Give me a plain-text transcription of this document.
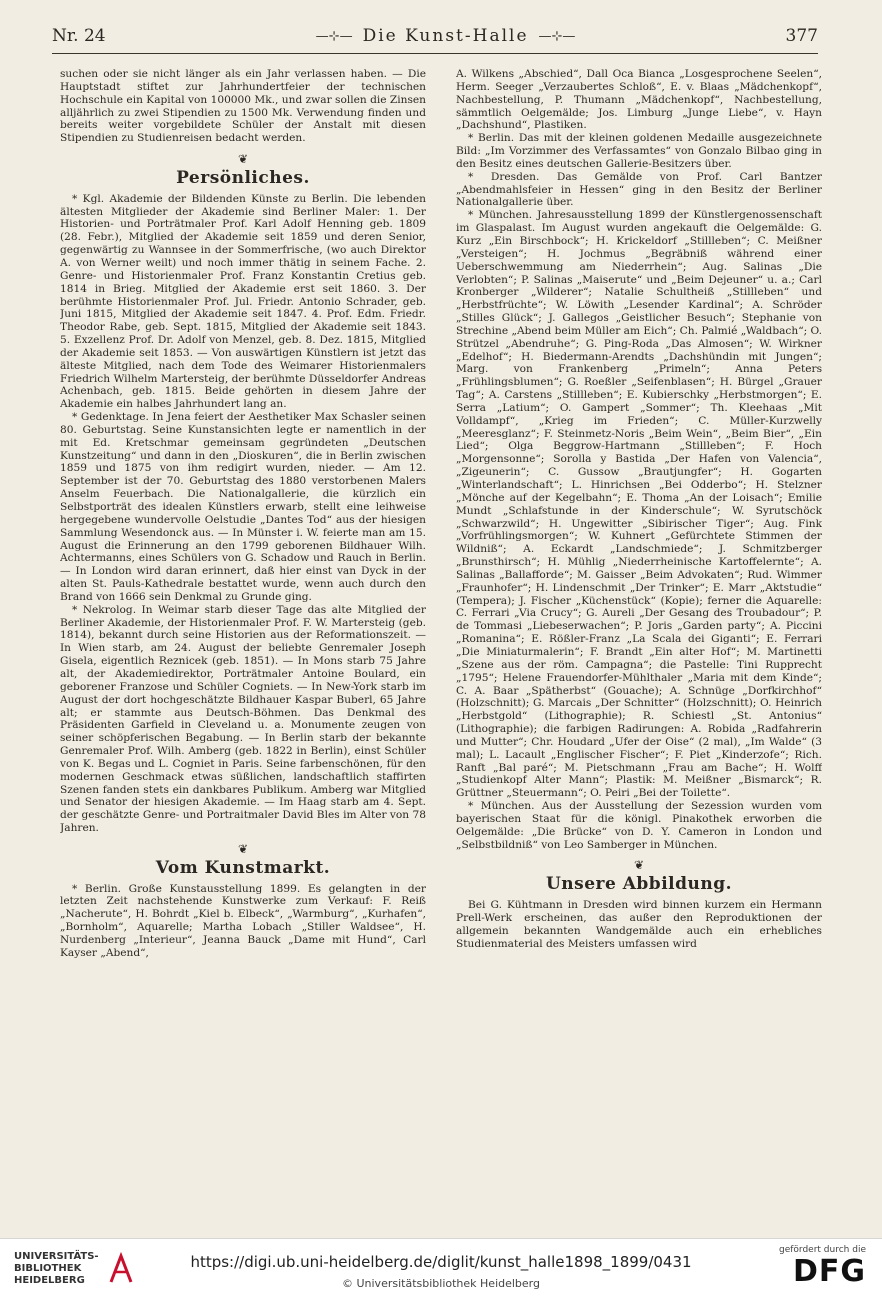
Nr. 24	—⊹— Die Kunst-Halle —⊹—	377

suchen oder sie nicht länger als ein Jahr verlassen haben. — Die Hauptstadt stiftet zur Jahrhundertfeier der technischen Hochschule ein Kapital von 100000 Mk., und zwar sollen die Zinsen alljährlich zu zwei Stipendien zu 1500 Mk. Verwendung finden und bereits weiter vorgebildete Schüler der Anstalt mit diesen Stipendien zu Studienreisen bedacht werden.

❦
Persönliches.

* Kgl. Akademie der Bildenden Künste zu Berlin. Die lebenden ältesten Mitglieder der Akademie sind Berliner Maler: 1. Der Historien- und Porträtmaler Prof. Karl Adolf Henning geb. 1809 (28. Febr.), Mitglied der Akademie seit 1859 und deren Senior, gegenwärtig zu Wannsee in der Sommerfrische, (wo auch Direktor A. von Werner weilt) und noch immer thätig in seinem Fache. 2. Genre- und Historienmaler Prof. Franz Konstantin Cretius geb. 1814 in Brieg. Mitglied der Akademie erst seit 1860. 3. Der berühmte Historienmaler Prof. Jul. Friedr. Antonio Schrader, geb. Juni 1815, Mitglied der Akademie seit 1847. 4. Prof. Edm. Friedr. Theodor Rabe, geb. Sept. 1815, Mitglied der Akademie seit 1843. 5. Exzellenz Prof. Dr. Adolf von Menzel, geb. 8. Dez. 1815, Mitglied der Akademie seit 1853. — Von auswärtigen Künstlern ist jetzt das älteste Mitglied, nach dem Tode des Weimarer Historienmalers Friedrich Wilhelm Martersteig, der berühmte Düsseldorfer Andreas Achenbach, geb. 1815. Beide gehörten in diesem Jahre der Akademie ein halbes Jahrhundert lang an.

* Gedenktage. In Jena feiert der Aesthetiker Max Schasler seinen 80. Geburtstag. Seine Kunstansichten legte er namentlich in der mit Ed. Kretschmar gemeinsam gegründeten „Deutschen Kunstzeitung“ und dann in den „Dioskuren“, die in Berlin zwischen 1859 und 1875 von ihm redigirt wurden, nieder. — Am 12. September ist der 70. Geburtstag des 1880 verstorbenen Malers Anselm Feuerbach. Die Nationalgallerie, die kürzlich ein Selbstporträt des idealen Künstlers erwarb, stellt eine leihweise hergegebene wundervolle Oelstudie „Dantes Tod“ aus der hiesigen Sammlung Wesendonck aus. — In Münster i. W. feierte man am 15. August die Erinnerung an den 1799 geborenen Bildhauer Wilh. Achtermanns, eines Schülers von G. Schadow und Rauch in Berlin. — In London wird daran erinnert, daß hier einst van Dyck in der alten St. Pauls-Kathedrale bestattet wurde, wenn auch durch den Brand von 1666 sein Denkmal zu Grunde ging.

* Nekrolog. In Weimar starb dieser Tage das alte Mitglied der Berliner Akademie, der Historienmaler Prof. F. W. Martersteig (geb. 1814), bekannt durch seine Historien aus der Reformationszeit. — In Wien starb, am 24. August der beliebte Genremaler Joseph Gisela, eigentlich Reznicek (geb. 1851). — In Mons starb 75 Jahre alt, der Akademiedirektor, Porträtmaler Antoine Boulard, ein geborener Franzose und Schüler Cogniets. — In New-York starb im August der dort hochgeschätzte Bildhauer Kaspar Buberl, 65 Jahre alt; er stammte aus Deutsch-Böhmen. Das Denkmal des Präsidenten Garfield in Cleveland u. a. Monumente zeugen von seiner schöpferischen Begabung. — In Berlin starb der bekannte Genremaler Prof. Wilh. Amberg (geb. 1822 in Berlin), einst Schüler von K. Begas und L. Cogniet in Paris. Seine farbenschönen, für den modernen Geschmack etwas süßlichen, landschaftlich staffirten Szenen fanden stets ein dankbares Publikum. Amberg war Mitglied und Senator der hiesigen Akademie. — Im Haag starb am 4. Sept. der geschätzte Genre- und Portraitmaler David Bles im Alter von 78 Jahren.

❦
Vom Kunstmarkt.

* Berlin. Große Kunstausstellung 1899. Es gelangten in der letzten Zeit nachstehende Kunstwerke zum Verkauf: F. Reiß „Nacherute“, H. Bohrdt „Kiel b. Elbeck“, „Warmburg“, „Kurhafen“, „Bornholm“, Aquarelle; Martha Lobach „Stiller Waldsee“, H. Nurdenberg „Interieur“, Jeanna Bauck „Dame mit Hund“, Carl Kayser „Abend“,

A. Wilkens „Abschied“, Dall Oca Bianca „Losgesprochene Seelen“, Herm. Seeger „Verzaubertes Schloß“, E. v. Blaas „Mädchenkopf“, Nachbestellung, P. Thumann „Mädchenkopf“, Nachbestellung, sämmtlich Oelgemälde; Jos. Limburg „Junge Liebe“, v. Hayn „Dachshund“, Plastiken.

* Berlin. Das mit der kleinen goldenen Medaille ausgezeichnete Bild: „Im Vorzimmer des Verfassamtes“ von Gonzalo Bilbao ging in den Besitz eines deutschen Gallerie-Besitzers über.

* Dresden. Das Gemälde von Prof. Carl Bantzer „Abendmahlsfeier in Hessen“ ging in den Besitz der Berliner Nationalgallerie über.

* München. Jahresausstellung 1899 der Künstlergenossenschaft im Glaspalast. Im August wurden angekauft die Oelgemälde: G. Kurz „Ein Birschbock“; H. Krickeldorf „Stillleben“; C. Meißner „Versteigen“; H. Jochmus „Begräbniß während einer Ueberschwemmung am Niederrhein“; Aug. Salinas „Die Verlobten“; P. Salinas „Maiserute“ und „Beim Dejeuner“ u. a.; Carl Kronberger „Wilderer“; Natalie Schultheiß „Stillleben“ und „Herbstfrüchte“; W. Löwith „Lesender Kardinal“; A. Schröder „Stilles Glück“; J. Gallegos „Geistlicher Besuch“; Stephanie von Strechine „Abend beim Müller am Eich“; Ch. Palmié „Waldbach“; O. Strützel „Abendruhe“; G. Ping-Roda „Das Almosen“; W. Wirkner „Edelhof“; H. Biedermann-Arendts „Dachshündin mit Jungen“; Marg. von Frankenberg „Primeln“; Anna Peters „Frühlingsblumen“; G. Roeßler „Seifenblasen“; H. Bürgel „Grauer Tag“; A. Carstens „Stillleben“; E. Kubierschky „Herbstmorgen“; E. Serra „Latium“; O. Gampert „Sommer“; Th. Kleehaas „Mit Volldampf“, „Krieg im Frieden“; C. Müller-Kurzwelly „Meeresglanz“; F. Steinmetz-Noris „Beim Wein“, „Beim Bier“, „Ein Lied“; Olga Beggrow-Hartmann „Stillleben“; F. Hoch „Morgensonne“; Sorolla y Bastida „Der Hafen von Valencia“, „Zigeunerin“; C. Gussow „Brautjungfer“; H. Gogarten „Winterlandschaft“; L. Hinrichsen „Bei Odderbo“; H. Stelzner „Mönche auf der Kegelbahn“; E. Thoma „An der Loisach“; Emilie Mundt „Schlafstunde in der Kinderschule“; W. Syrutschöck „Schwarzwild“; H. Ungewitter „Sibirischer Tiger“; Aug. Fink „Vorfrühlingsmorgen“; W. Kuhnert „Gefürchtete Stimmen der Wildniß“; A. Eckardt „Landschmiede“; J. Schmitzberger „Brunsthirsch“; H. Mühlig „Niederrheinische Kartoffelernte“; A. Salinas „Ballafforde“; M. Gaisser „Beim Advokaten“; Rud. Wimmer „Fraunhofer“; H. Lindenschmit „Der Trinker“; E. Marr „Aktstudie“ (Tempera); J. Fischer „Küchenstück“ (Kopie); ferner die Aquarelle: C. Ferrari „Via Crucy“; G. Aureli „Der Gesang des Troubadour“; P. de Tommasi „Liebeserwachen“; P. Joris „Garden party“; A. Piccini „Romanina“; E. Rößler-Franz „La Scala dei Giganti“; E. Ferrari „Die Miniaturmalerin“; F. Brandt „Ein alter Hof“; M. Martinetti „Szene aus der röm. Campagna“; die Pastelle: Tini Rupprecht „1795“; Helene Frauendorfer-Mühlthaler „Maria mit dem Kinde“; C. A. Baar „Spätherbst“ (Gouache); A. Schnüge „Dorfkirchhof“ (Holzschnitt); G. Marcais „Der Schnitter“ (Holzschnitt); O. Heinrich „Herbstgold“ (Lithographie); R. Schiestl „St. Antonius“ (Lithographie); die farbigen Radirungen: A. Robida „Radfahrerin und Mutter“; Chr. Houdard „Ufer der Oise“ (2 mal), „Im Walde“ (3 mal); L. Lacault „Englischer Fischer“; F. Piet „Kinderzofe“; Rich. Ranft „Bal paré“; M. Pietschmann „Frau am Bache“; H. Wolff „Studienkopf Alter Mann“; Plastik: M. Meißner „Bismarck“; R. Grüttner „Steuermann“; O. Peiri „Bei der Toilette“.

* München. Aus der Ausstellung der Sezession wurden vom bayerischen Staat für die königl. Pinakothek erworben die Oelgemälde: „Die Brücke“ von D. Y. Cameron in London und „Selbstbildniß“ von Leo Samberger in München.

❦
Unsere Abbildung.

Bei G. Kühtmann in Dresden wird binnen kurzem ein Hermann Prell-Werk erscheinen, das außer den Reproduktionen der allgemein bekannten Wandgemälde auch ein erhebliches Studienmaterial des Meisters umfassen wird

UNIVERSITÄTS-
BIBLIOTHEK
HEIDELBERG
https://digi.ub.uni-heidelberg.de/diglit/kunst_halle1898_1899/0431
© Universitätsbibliothek Heidelberg
gefördert durch die
DFG
